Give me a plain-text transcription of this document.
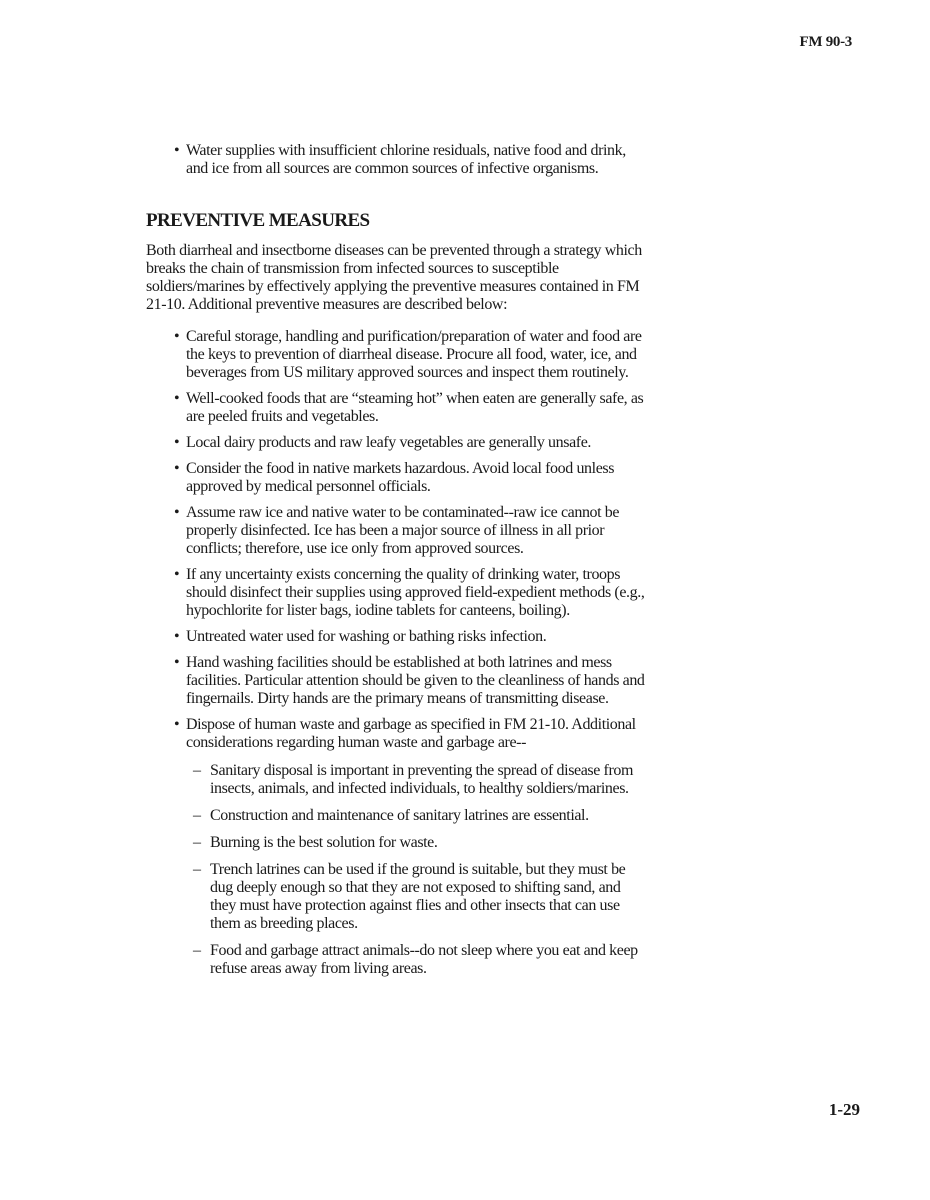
FM 90-3
• Water supplies with insufficient chlorine residuals, native food and drink, and ice from all sources are common sources of infective organisms.
PREVENTIVE MEASURES

Both diarrheal and insectborne diseases can be prevented through a strategy which breaks the chain of transmission from infected sources to susceptible soldiers/marines by effectively applying the preventive measures contained in FM 21-10. Additional preventive measures are described below:

• Careful storage, handling and purification/preparation of water and food are the keys to prevention of diarrheal disease. Procure all food, water, ice, and beverages from US military approved sources and inspect them routinely.
• Well-cooked foods that are “steaming hot” when eaten are generally safe, as are peeled fruits and vegetables.
• Local dairy products and raw leafy vegetables are generally unsafe.
• Consider the food in native markets hazardous. Avoid local food unless approved by medical personnel officials.
• Assume raw ice and native water to be contaminated--raw ice cannot be properly disinfected. Ice has been a major source of illness in all prior conflicts; therefore, use ice only from approved sources.
• If any uncertainty exists concerning the quality of drinking water, troops should disinfect their supplies using approved field-expedient methods (e.g., hypochlorite for lister bags, iodine tablets for canteens, boiling).
• Untreated water used for washing or bathing risks infection.
• Hand washing facilities should be established at both latrines and mess facilities. Particular attention should be given to the cleanliness of hands and fingernails. Dirty hands are the primary means of transmitting disease.
• Dispose of human waste and garbage as specified in FM 21-10. Additional considerations regarding human waste and garbage are--
– Sanitary disposal is important in preventing the spread of disease from insects, animals, and infected individuals, to healthy soldiers/marines.
– Construction and maintenance of sanitary latrines are essential.
– Burning is the best solution for waste.
– Trench latrines can be used if the ground is suitable, but they must be dug deeply enough so that they are not exposed to shifting sand, and they must have protection against flies and other insects that can use them as breeding places.
– Food and garbage attract animals--do not sleep where you eat and keep refuse areas away from living areas.
1-29
